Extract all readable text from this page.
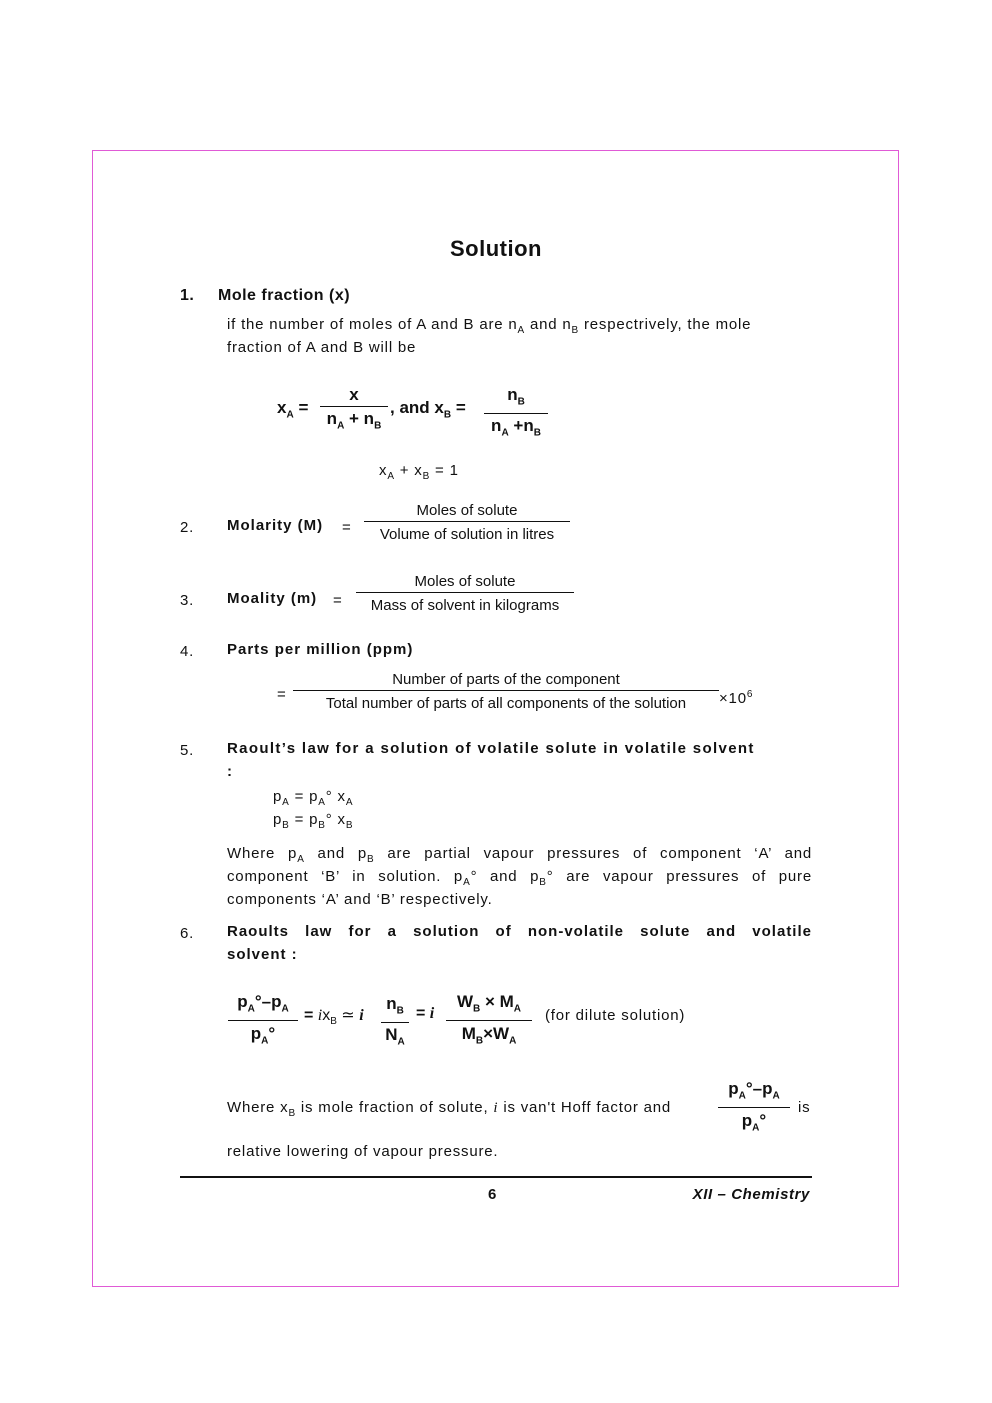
Solution
1. Mole fraction (x)
if the number of moles of A and B are $n_A$ and $n_B$ respectrively, the mole
fraction of A and B will be
$x_A = \frac{x}{n_A + n_B}$ , and $x_B = \frac{n_B}{n_A +n_B}$
$x_A + x_B = 1$
2. Molarity (M) =
Moles of solute
Volume of solution in litres
3. Moality (m) =
Moles of solute
Mass of solvent in kilograms
4. Parts per million (ppm)
=
Number of parts of the component
Total number of parts of all components of the solution	$\times 10^6$
5. Raoult’s law for a solution of volatile solute in volatile solvent
:
$p_A = p_A^\circ$ $x_A$
$p_B = p_B^\circ$ $x_B$
Where $p_A$ and $p_B$ are partial vapour pressures of component ‘A’ and
component ‘B’ in solution. $p_A^\circ$ and $p_B^\circ$ are vapour pressures of pure
components ‘A’ and ‘B’ respectively.
6. Raoults law for a solution of non-volatile solute and volatile
solvent :
$\frac{p_A^\circ-p_A}{p_A^\circ} = ix_B$ ≃ i $\frac{n_B}{N_A} = i \frac{W_B \times M_A}{M_B\times W_A} (for$ dilute solution)
Where $x_B$ is mole fraction of solute, i is van't Hoff factor and	$\frac{p_A^\circ-p_A}{p_A^\circ}$ is
relative lowering of vapour pressure.
6	XII – Chemistry
